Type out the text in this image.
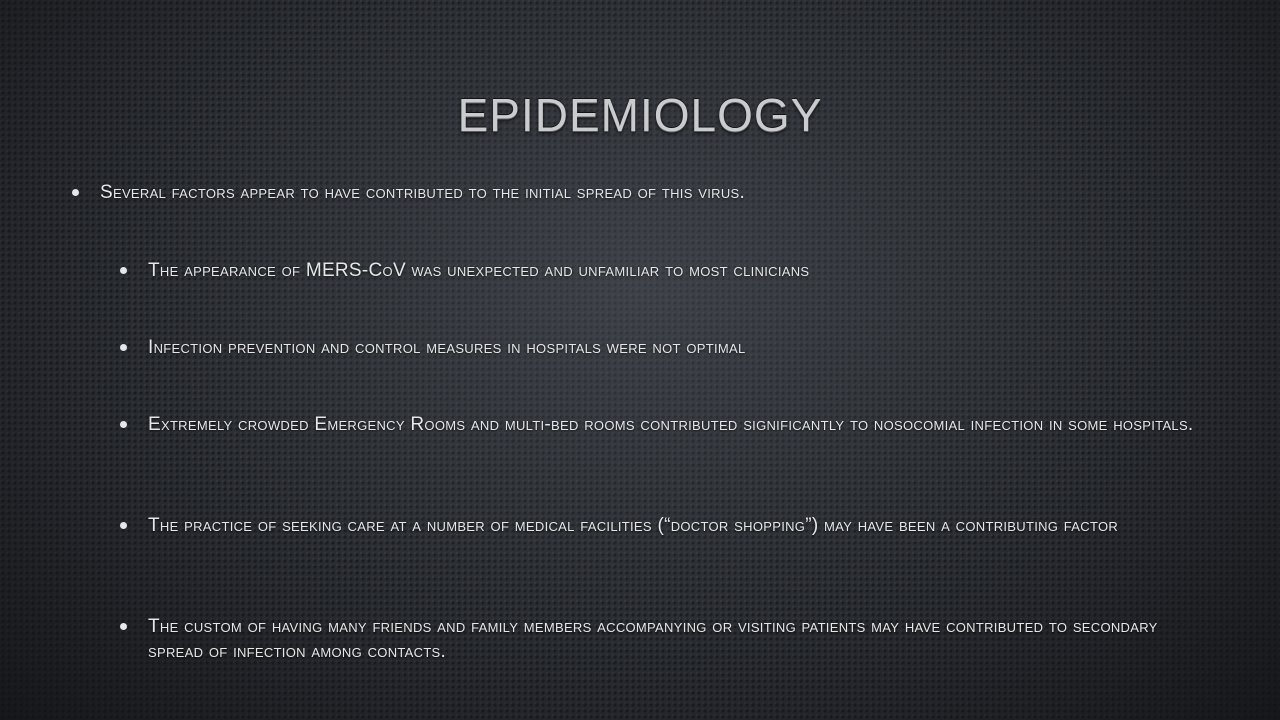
EPIDEMIOLOGY
Several factors appear to have contributed to the initial spread of this virus.
The appearance of MERS-CoV was unexpected and unfamiliar to most clinicians
Infection prevention and control measures in hospitals were not optimal
Extremely crowded Emergency Rooms and multi-bed rooms contributed significantly to nosocomial infection in some hospitals.
The practice of seeking care at a number of medical facilities (“doctor shopping”) may have been a contributing factor
The custom of having many friends and family members accompanying or visiting patients may have contributed to secondary spread of infection among contacts.
